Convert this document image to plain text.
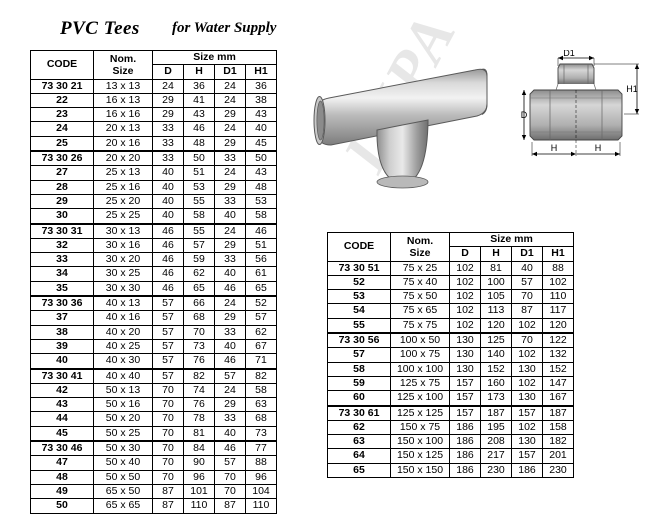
PVC Tees for Water Supply
CODE	Nom.
Size	Size mm			
		D	H	D1	H1
73 30 21	13 x 13	24	36	24	36
22	16 x 13	29	41	24	38
23	16 x 16	29	43	29	43
24	20 x 13	33	46	24	40
25	20 x 16	33	48	29	45
73 30 26	20 x 20	33	50	33	50
27	25 x 13	40	51	24	43
28	25 x 16	40	53	29	48
29	25 x 20	40	55	33	53
30	25 x 25	40	58	40	58
73 30 31	30 x 13	46	55	24	46
32	30 x 16	46	57	29	51
33	30 x 20	46	59	33	56
34	30 x 25	46	62	40	61
35	30 x 30	46	65	46	65
73 30 36	40 x 13	57	66	24	52
37	40 x 16	57	68	29	57
38	40 x 20	57	70	33	62
39	40 x 25	57	73	40	67
40	40 x 30	57	76	46	71
73 30 41	40 x 40	57	82	57	82
42	50 x 13	70	74	24	58
43	50 x 16	70	76	29	63
44	50 x 20	70	78	33	68
45	50 x 25	70	81	40	73
73 30 46	50 x 30	70	84	46	77
47	50 x 40	70	90	57	88
48	50 x 50	70	96	70	96
49	65 x 50	87	101	70	104
50	65 x 65	87	110	87	110
CODE	Nom.
Size	Size mm			
		D	H	D1	H1
73 30 51	75 x 25	102	81	40	88
52	75 x 40	102	100	57	102
53	75 x 50	102	105	70	110
54	75 x 65	102	113	87	117
55	75 x 75	102	120	102	120
73 30 56	100 x 50	130	125	70	122
57	100 x 75	130	140	102	132
58	100 x 100	130	152	130	152
59	125 x 75	157	160	102	147
60	125 x 100	157	173	130	167
73 30 61	125 x 125	157	187	157	187
62	150 x 75	186	195	102	158
63	150 x 100	186	208	130	182
64	150 x 125	186	217	157	201
65	150 x 150	186	230	186	230
D1
H1
D
H	H
